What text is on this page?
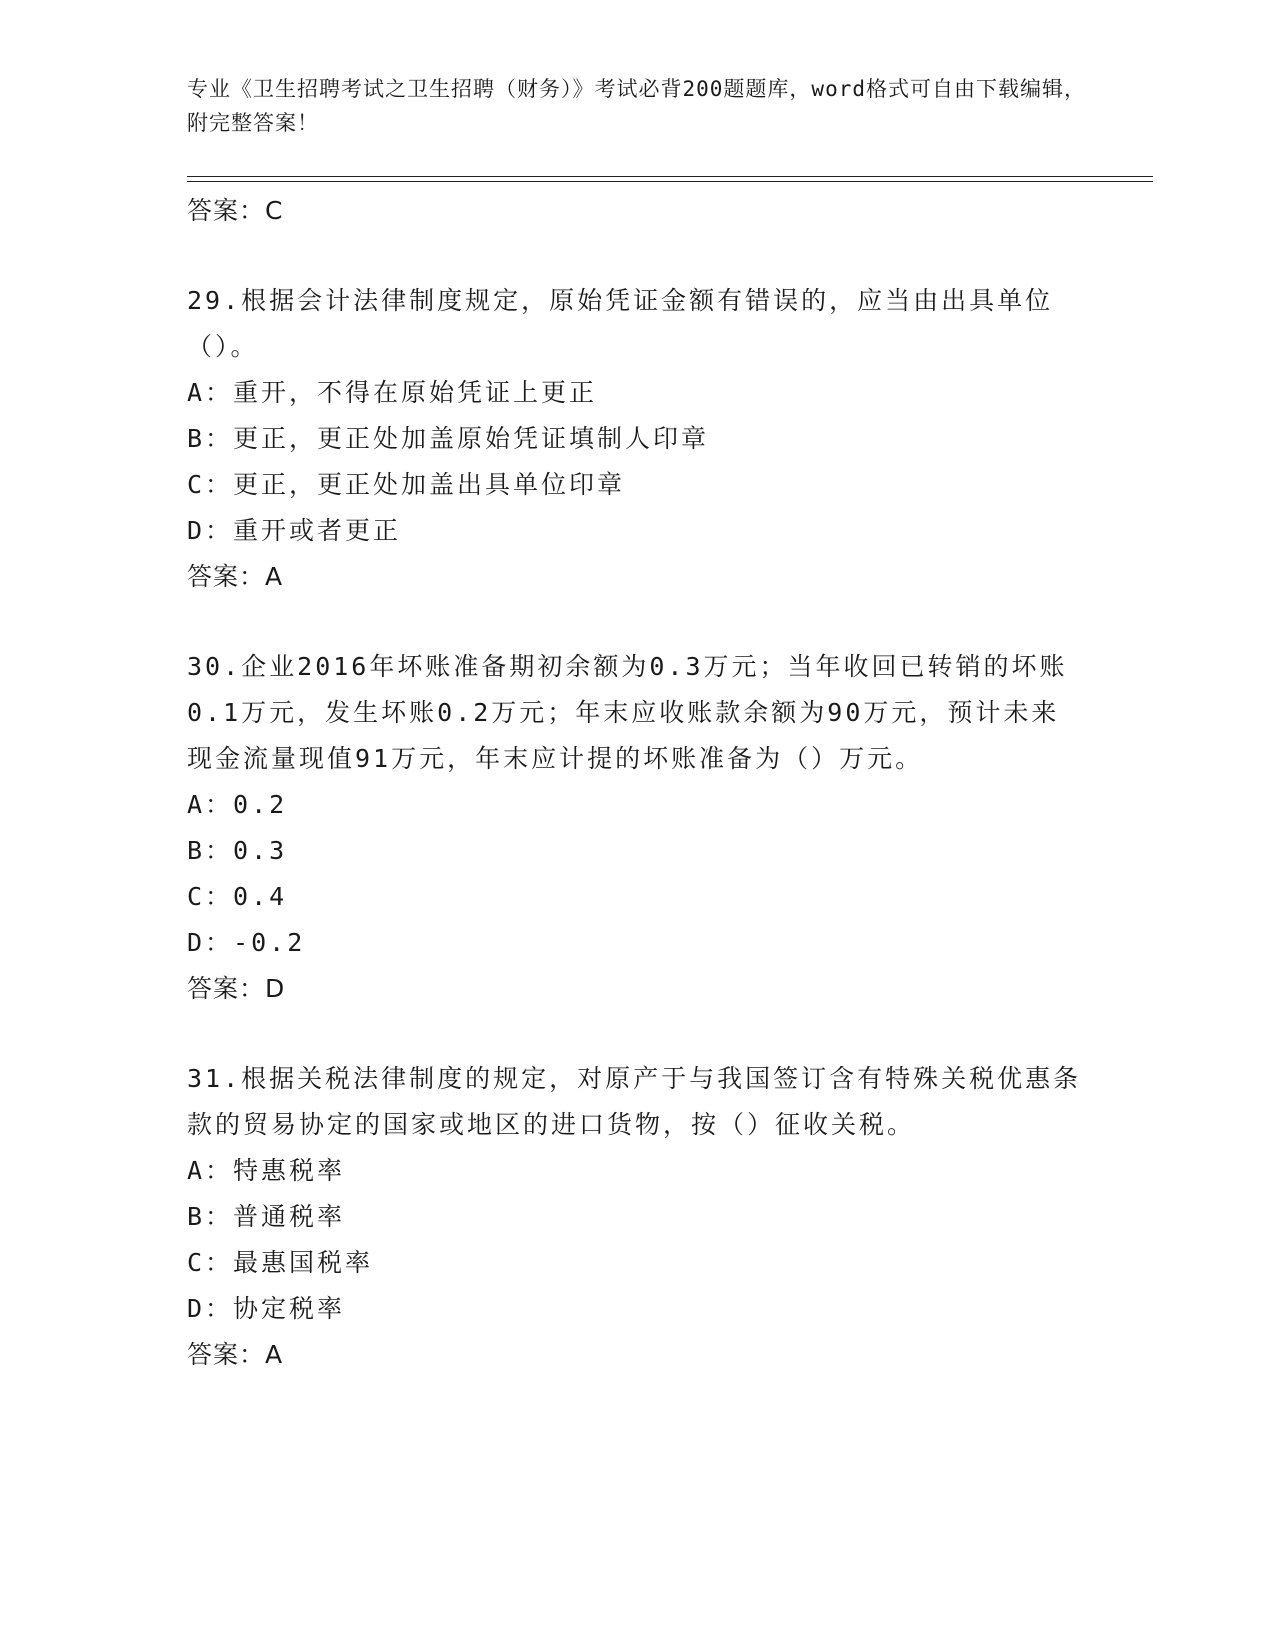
专业《卫生招聘考试之卫生招聘（财务）》考试必背200题题库，word格式可自由下载编辑，附完整答案！
答案：C
29.根据会计法律制度规定，原始凭证金额有错误的，应当由出具单位（）。
A：重开，不得在原始凭证上更正
B：更正，更正处加盖原始凭证填制人印章
C：更正，更正处加盖出具单位印章
D：重开或者更正
答案：A
30.企业2016年坏账准备期初余额为0.3万元；当年收回已转销的坏账0.1万元，发生坏账0.2万元；年末应收账款余额为90万元，预计未来现金流量现值91万元，年末应计提的坏账准备为（）万元。
A：0.2
B：0.3
C：0.4
D：-0.2
答案：D
31.根据关税法律制度的规定，对原产于与我国签订含有特殊关税优惠条款的贸易协定的国家或地区的进口货物，按（）征收关税。
A：特惠税率
B：普通税率
C：最惠国税率
D：协定税率
答案：A
